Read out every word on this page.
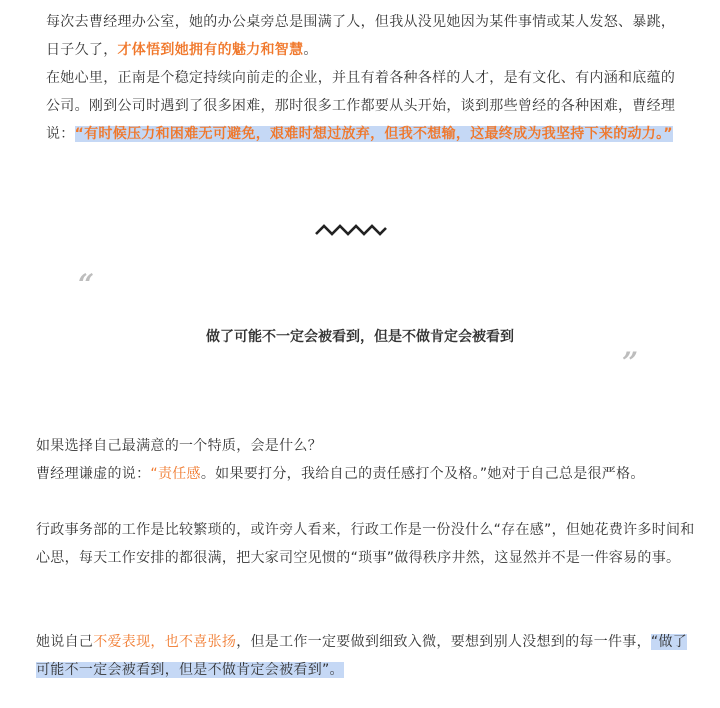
每次去曹经理办公室，她的办公桌旁总是围满了人，但我从没见她因为某件事情或某人发怒、暴跳，日子久了，才体悟到她拥有的魅力和智慧。

在她心里，正南是个稳定持续向前走的企业，并且有着各种各样的人才，是有文化、有内涵和底蕴的公司。刚到公司时遇到了很多困难，那时很多工作都要从头开始，谈到那些曾经的各种困难，曹经理说：“有时候压力和困难无可避免，艰难时想过放弃，但我不想输，这最终成为我坚持下来的动力。”

“
做了可能不一定会被看到，但是不做肯定会被看到
”

如果选择自己最满意的一个特质，会是什么？
曹经理谦虚的说：“责任感。如果要打分，我给自己的责任感打个及格。”她对于自己总是很严格。

行政事务部的工作是比较繁琐的，或许旁人看来，行政工作是一份没什么“存在感”，但她花费许多时间和心思，每天工作安排的都很满，把大家司空见惯的“琐事”做得秩序井然，这显然并不是一件容易的事。

她说自己不爱表现，也不喜张扬，但是工作一定要做到细致入微，要想到别人没想到的每一件事，“做了可能不一定会被看到，但是不做肯定会被看到”。
